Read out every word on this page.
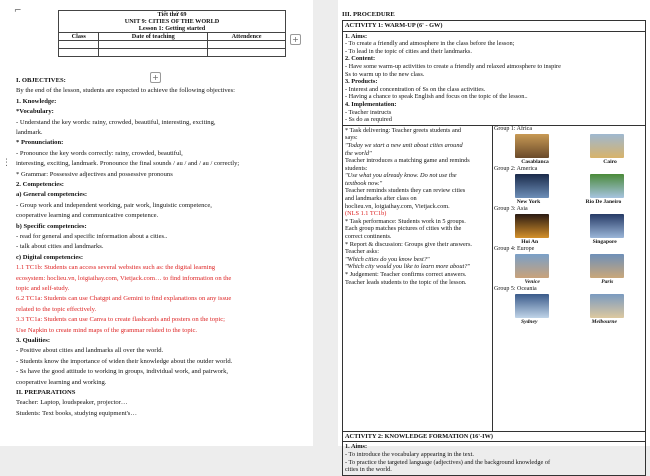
⌐	Tiết thứ 69
UNIT 9: CITIES OF THE WORLD
Lesson 1: Getting started		

Class	Date of teaching	Attendence

			+
+
I. OBJECTIVES:
By the end of the lesson, students are expected to achieve the following objectives:
1. Knowledge:
*Vocabulary:
- Understand the key words: rainy, crowded, beautiful, interesting, exciting,
landmark.
* Pronunciation:
- Pronounce the key words correctly: rainy, crowded, beautiful,
interesting, exciting, landmark. Pronounce the final sounds / au / and / au / correctly;
* Grammar: Possessive adjectives and possessive pronouns
2. Competencies:
a) General competencies:
- Group work and independent working, pair work, linguistic competence,
cooperative learning and communicative competence.
b) Specific competencies:
- read for general and specific information about a cities..
- talk about cities and landmarks.
c) Digital competencies:
1.1 TC1b: Students can access several websites such as: the digital learning
ecosystem: hoclieu.vn, loigiaihay.com, Vietjack.com… to find information on the
topic and self-study.
6.2 TC1a: Students can use Chatgpt and Gemini to find explanations on any issue
related to the topic effectively.
3.3 TC1a: Students can use Canva to create flashcards and posters on the topic;
Use Napkin to create mind maps of the grammar related to the topic.
3. Qualities:
- Positive about cities and landmarks all over the world.
- Students know the importance of widen their knowledge about the outder world.
- Ss have the good attitude to working in groups, individual work, and pairwork,
cooperative learning and working.
II. PREPARATIONS
Teacher: Laptop, loudspeaker, projector…
Students: Text books, studying equipment's…
⋮
III. PROCEDURE
ACTIVITY 1: WARM-UP (6' - GW)

1. Aims:
- To create a friendly and atmosphere in the class before the lesson;
- To lead in the topic of cities and their landmarks.
2. Content:
- Have some warm-up activities to create a friendly and relaxed atmosphere to inspire
Ss to warm up to the new class.
3. Products:
- Interest and concentration of Ss on the class activities.
- Having a chance to speak English and focus on the topic of the lesson..
4. Implementation:
- Teacher instructs
- Ss do as required

* Task delivering: Teacher greets students and
says:
"Today we start a new unit about cities around
the world"
Teacher introduces a matching game and reminds
students:
"Use what you already know. Do not use the
textbook now."
Teacher reminds students they can review cities
and landmarks after class on
hoclieu.vn, loigiaihay.com, Vietjack.com.
(NLS 1.1 TC1b)
* Task performance: Students work in 5 groups.
Each group matches pictures of cities with the
correct continents.
* Report & discussion: Groups give their answers.
Teacher asks:
"Which cities do you know best?"
"Which city would you like to learn more about?"
* Judgement: Teacher confirms correct answers.
Teacher leads students to the topic of the lesson.

Group 1: Africa
Casablanca	Cairo
Group 2: America
New York	Rio De Janeiro
Group 3: Asia
Hoi An	Singapore
Group 4: Europe
Venice	Paris
Group 5: Oceania
Sydney	Melbourne

ACTIVITY 2: KNOWLEDGE FORMATION (16'-IW)

1. Aims:
- To introduce the vocabulary appearing in the text.
- To practice the targeted language (adjectives) and the background knowledge of
cities in the world.
